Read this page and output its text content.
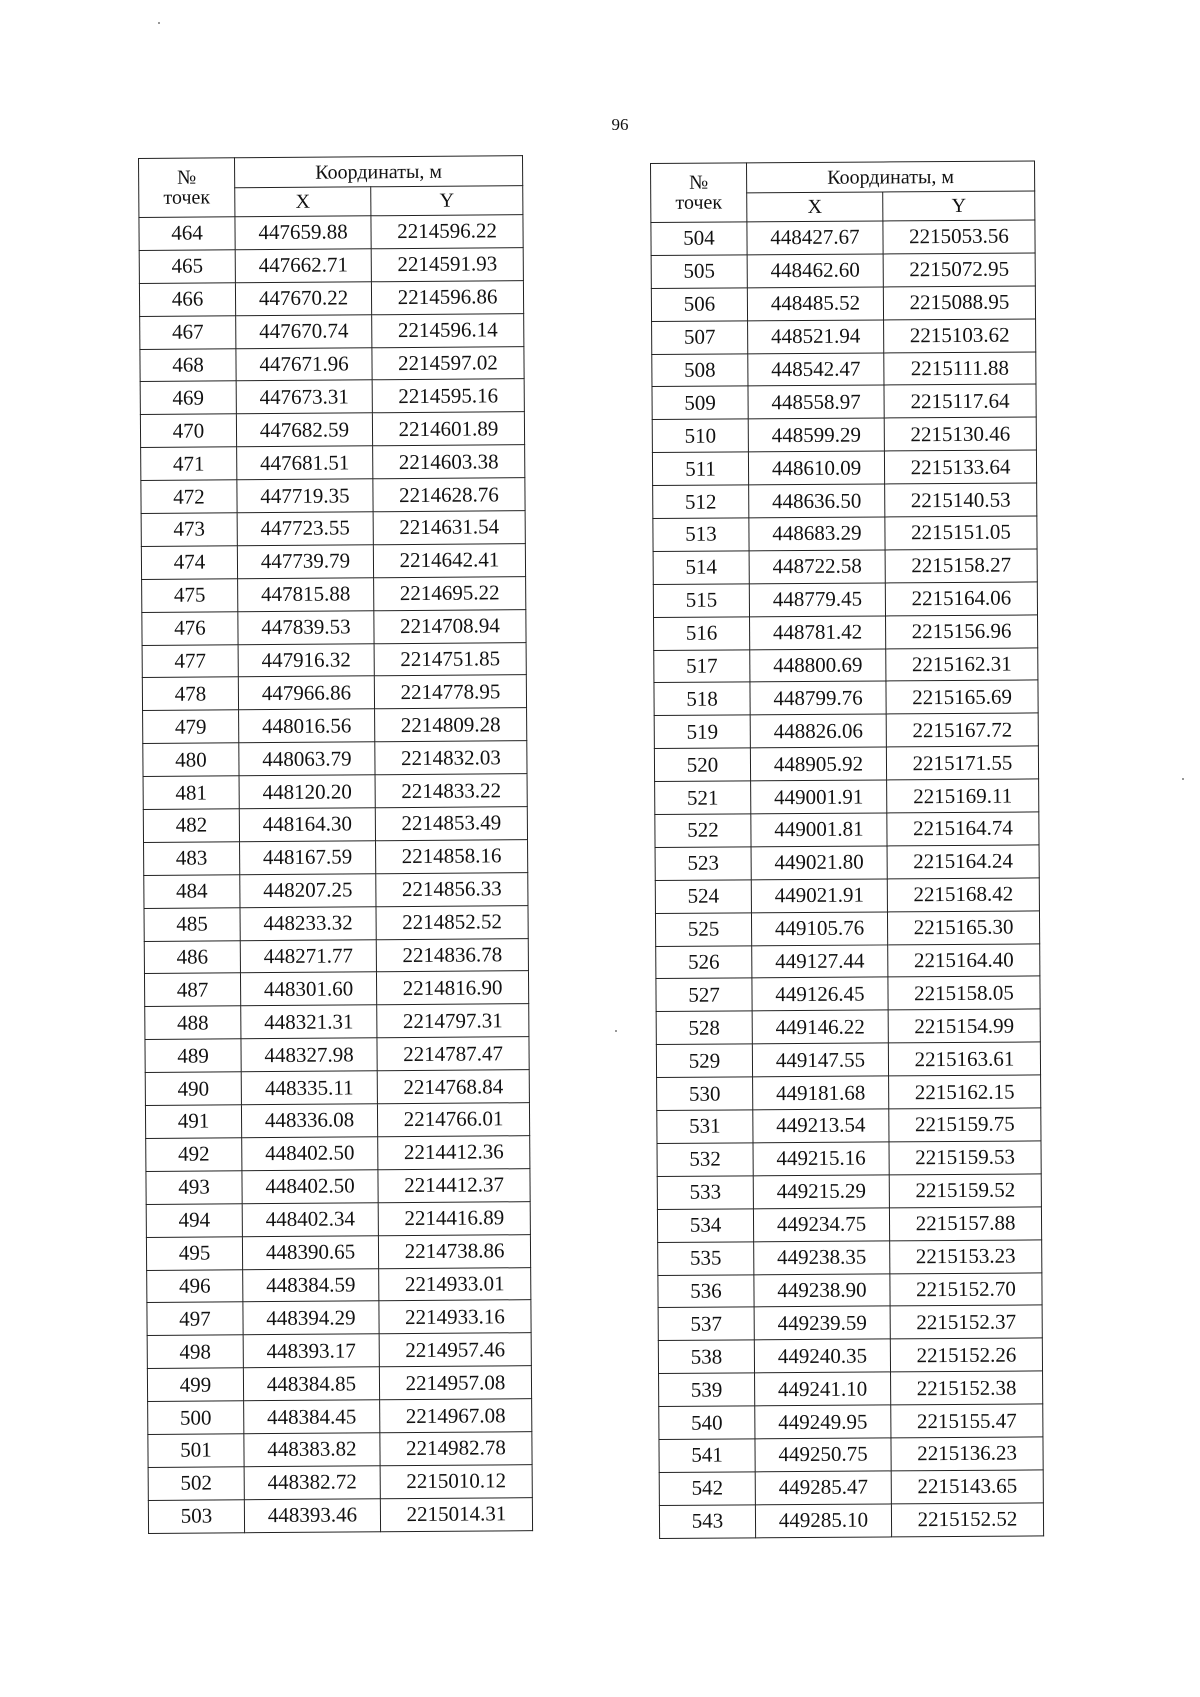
96
№
точек	Координаты, м	
	X	Y
464	447659.88	2214596.22
465	447662.71	2214591.93
466	447670.22	2214596.86
467	447670.74	2214596.14
468	447671.96	2214597.02
469	447673.31	2214595.16
470	447682.59	2214601.89
471	447681.51	2214603.38
472	447719.35	2214628.76
473	447723.55	2214631.54
474	447739.79	2214642.41
475	447815.88	2214695.22
476	447839.53	2214708.94
477	447916.32	2214751.85
478	447966.86	2214778.95
479	448016.56	2214809.28
480	448063.79	2214832.03
481	448120.20	2214833.22
482	448164.30	2214853.49
483	448167.59	2214858.16
484	448207.25	2214856.33
485	448233.32	2214852.52
486	448271.77	2214836.78
487	448301.60	2214816.90
488	448321.31	2214797.31
489	448327.98	2214787.47
490	448335.11	2214768.84
491	448336.08	2214766.01
492	448402.50	2214412.36
493	448402.50	2214412.37
494	448402.34	2214416.89
495	448390.65	2214738.86
496	448384.59	2214933.01
497	448394.29	2214933.16
498	448393.17	2214957.46
499	448384.85	2214957.08
500	448384.45	2214967.08
501	448383.82	2214982.78
502	448382.72	2215010.12
503	448393.46	2215014.31
№
точек	Координаты, м	
	X	Y
504	448427.67	2215053.56
505	448462.60	2215072.95
506	448485.52	2215088.95
507	448521.94	2215103.62
508	448542.47	2215111.88
509	448558.97	2215117.64
510	448599.29	2215130.46
511	448610.09	2215133.64
512	448636.50	2215140.53
513	448683.29	2215151.05
514	448722.58	2215158.27
515	448779.45	2215164.06
516	448781.42	2215156.96
517	448800.69	2215162.31
518	448799.76	2215165.69
519	448826.06	2215167.72
520	448905.92	2215171.55
521	449001.91	2215169.11
522	449001.81	2215164.74
523	449021.80	2215164.24
524	449021.91	2215168.42
525	449105.76	2215165.30
526	449127.44	2215164.40
527	449126.45	2215158.05
528	449146.22	2215154.99
529	449147.55	2215163.61
530	449181.68	2215162.15
531	449213.54	2215159.75
532	449215.16	2215159.53
533	449215.29	2215159.52
534	449234.75	2215157.88
535	449238.35	2215153.23
536	449238.90	2215152.70
537	449239.59	2215152.37
538	449240.35	2215152.26
539	449241.10	2215152.38
540	449249.95	2215155.47
541	449250.75	2215136.23
542	449285.47	2215143.65
543	449285.10	2215152.52
